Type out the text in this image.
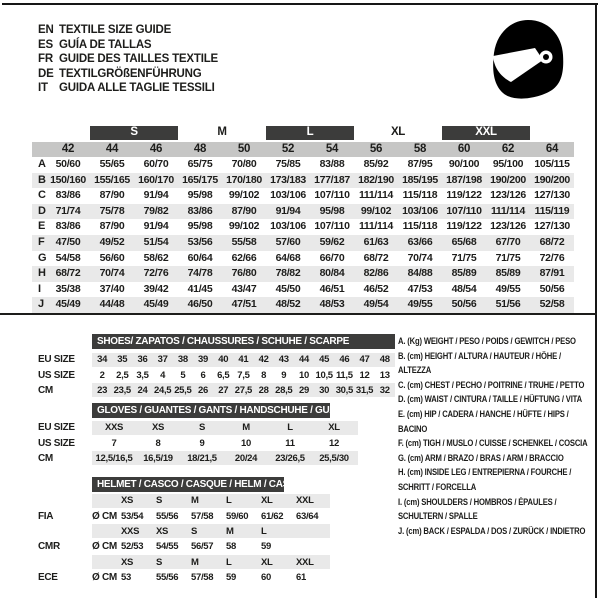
EN TEXTILE SIZE GUIDE
ES GUÍA DE TALLAS
FR GUIDE DES TAILLES TEXTILE
DE TEXTILGRÖßENFÜHRUNG
IT GUIDA ALLE TAGLIE TESSILI
S	M	L	XL	XXL
42	44	46	48	50	52	54	56	58	60	62	64
A 50/60	55/65	60/70	65/75	70/80	75/85	83/88	85/92	87/95	90/100	95/100	105/115
B 150/160 155/165 160/170 165/175 170/180 173/183 177/187 182/190 185/195 187/198 190/200 190/200
C 83/86	87/90	91/94	95/98	99/102	103/106 107/110 111/114 115/118 119/122 123/126 127/130
D 71/74	75/78	79/82	83/86	87/90	91/94	95/98	99/102	103/106 107/110 111/114 115/119
E	83/86	87/90	91/94	95/98	99/102	103/106 107/110 111/114 115/118 119/122 123/126 127/130
F	47/50	49/52	51/54	53/56	55/58	57/60	59/62	61/63	63/66	65/68	67/70	68/72
G 54/58	56/60	58/62	60/64	62/66	64/68	66/70	68/72	70/74	71/75	71/75	72/76
H 68/72	70/74	72/76	74/78	76/80	78/82	80/84	82/86	84/88	85/89	85/89	87/91
I	35/38	37/40	39/42	41/45	43/47	45/50	46/51	46/52	47/53	48/54	49/55	50/56
J	45/49	44/48	45/49	46/50	47/51	48/52	48/53	49/54	49/55	50/56	51/56	52/58
SHOES/ ZAPATOS / CHAUSSURES / SCHUHE / SCARPE
EU SIZE	34	35	36	37	38	39	40	41	42	43	44	45	46	47	48
US SIZE	2	2,5 3,5	4	5	6	6,5 7,5	8	9	10 10,5 11,5 12	13
CM	23 23,5 24 24,5 25,5 26	27 27,5 28 28,5 29	30 30,5 31,5 32
GLOVES / GUANTES / GANTS / HANDSCHUHE / GUANTI
EU SIZE	XXS	XS	S	M	L	XL
US SIZE	7	8	9	10	11	12
CM	12,5/16,5	16,5/19	18/21,5	20/24	23/26,5	25,5/30
HELMET / CASCO / CASQUE / HELM / CASCO
XS	S	M	L	XL	XXL
FIA	Ø CM 53/54	55/56	57/58	59/60	61/62	63/64
XXS	XS	S	M	L
CMR	Ø CM 52/53	54/55	56/57	58	59
XS	S	M	L	XL	XXL
ECE	Ø CM 53	55/56	57/58	59	60	61
A. (Kg) WEIGHT / PESO / POIDS / GEWITCH / PESO
B. (cm) HEIGHT / ALTURA / HAUTEUR / HÖHE / ALTEZZA
C. (cm) CHEST / PECHO / POITRINE / TRUHE / PETTO
D. (cm) WAIST / CINTURA / TAILLE / HÜFTUNG / VITA
E. (cm) HIP / CADERA / HANCHE / HÜFTE / HIPS / BACINO
F. (cm) TIGH / MUSLO / CUISSE / SCHENKEL / COSCIA
G. (cm) ARM / BRAZO / BRAS / ARM / BRACCIO
H. (cm) INSIDE LEG / ENTREPIERNA / FOURCHE / SCHRITT / FORCELLA
I. (cm) SHOULDERS / HOMBROS / ÉPAULES / SCHULTERN / SPALLE
J. (cm) BACK / ESPALDA / DOS / ZURÜCK / INDIETRO
